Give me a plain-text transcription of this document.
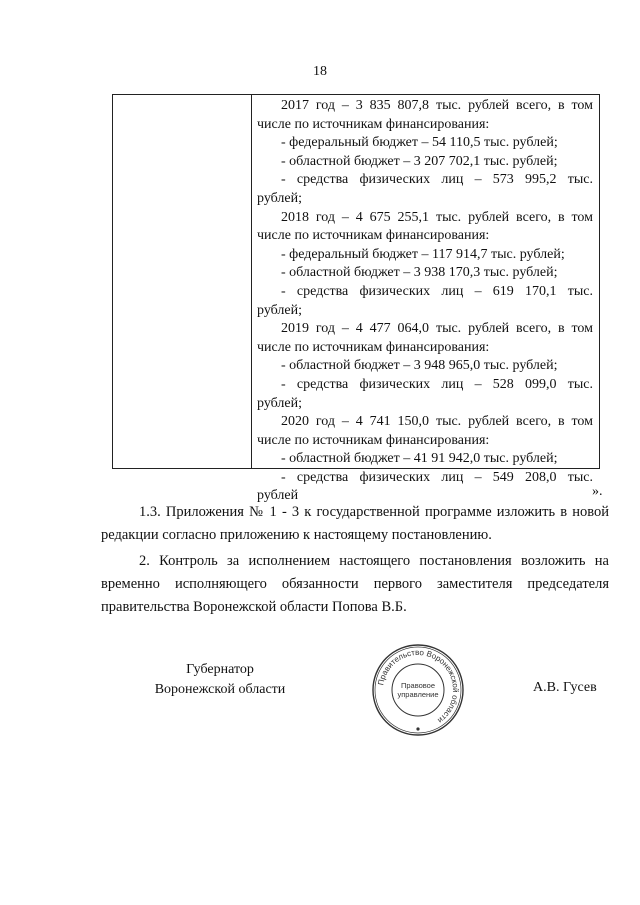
18

2017 год – 3 835 807,8 тыс. рублей всего, в том

числе по источникам финансирования:

- федеральный бюджет – 54 110,5 тыс. рублей;

- областной бюджет – 3 207 702,1 тыс. рублей;

- средства физических лиц – 573 995,2 тыс.

рублей;

2018 год – 4 675 255,1 тыс. рублей всего, в том

числе по источникам финансирования:

- федеральный бюджет – 117 914,7 тыс. рублей;

- областной бюджет – 3 938 170,3 тыс. рублей;

- средства физических лиц – 619 170,1 тыс.

рублей;

2019 год – 4 477 064,0 тыс. рублей всего, в том

числе по источникам финансирования:

- областной бюджет – 3 948 965,0 тыс. рублей;

- средства физических лиц – 528 099,0 тыс.

рублей;

2020 год – 4 741 150,0 тыс. рублей всего, в том

числе по источникам финансирования:

- областной бюджет – 41 91 942,0 тыс. рублей;

- средства физических лиц – 549 208,0 тыс.

рублей	».

1.3. Приложения № 1 - 3 к государственной программе изложить в новой

редакции согласно приложению к настоящему постановлению.

2. Контроль за исполнением настоящего постановления возложить на

временно исполняющего обязанности первого заместителя председателя

правительства Воронежской области Попова В.Б.

Губернатор
Воронежской области	Правительство Воронежской области
Правовое
управление	А.В. Гусев
